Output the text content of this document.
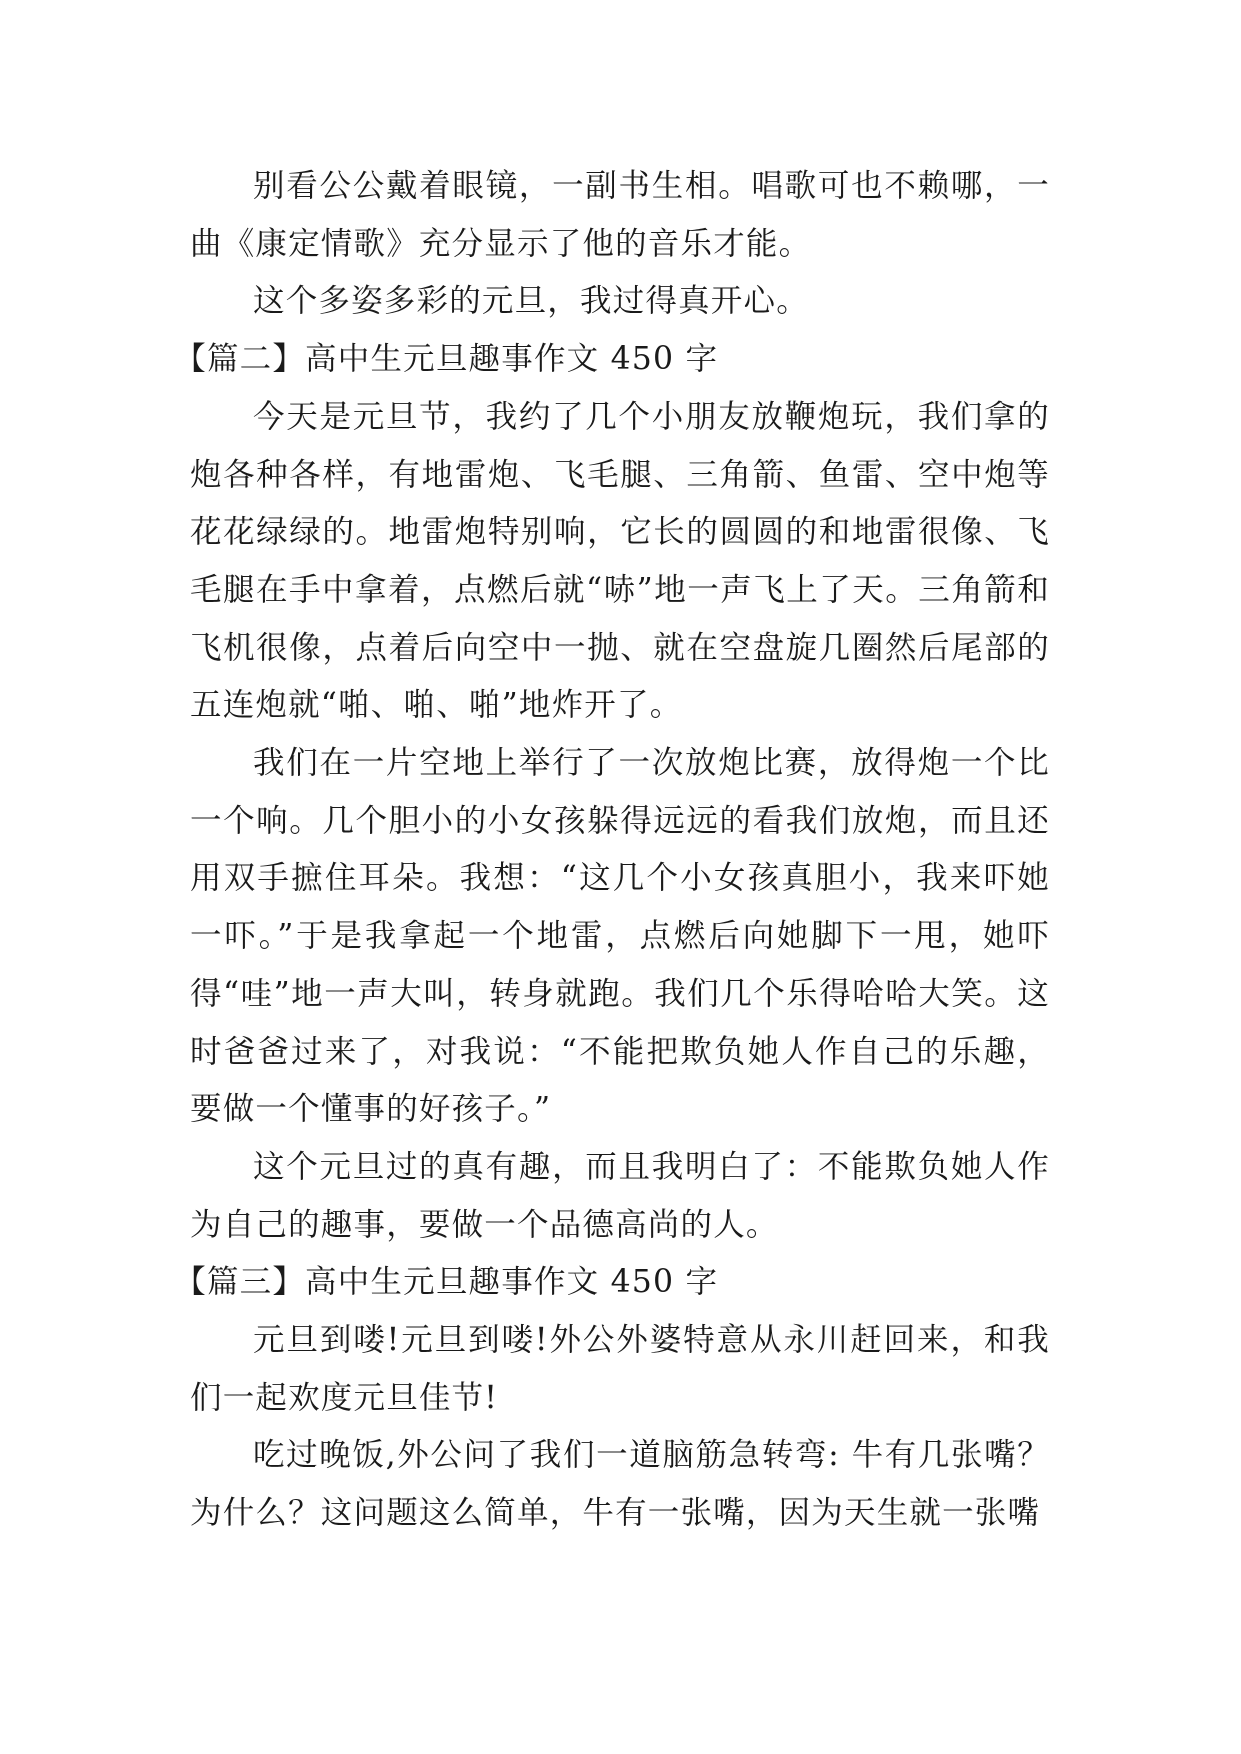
别看公公戴着眼镜，一副书生相。唱歌可也不赖哪，一曲《康定情歌》充分显示了他的音乐才能。

这个多姿多彩的元旦，我过得真开心。

【篇二】高中生元旦趣事作文 450 字

今天是元旦节，我约了几个小朋友放鞭炮玩，我们拿的炮各种各样，有地雷炮、飞毛腿、三角箭、鱼雷、空中炮等花花绿绿的。地雷炮特别响，它长的圆圆的和地雷很像、飞毛腿在手中拿着，点燃后就“哧”地一声飞上了天。三角箭和飞机很像，点着后向空中一抛、就在空盘旋几圈然后尾部的五连炮就“啪、啪、啪”地炸开了。

我们在一片空地上举行了一次放炮比赛，放得炮一个比一个响。几个胆小的小女孩躲得远远的看我们放炮，而且还用双手摭住耳朵。我想：“这几个小女孩真胆小，我来吓她一吓。”于是我拿起一个地雷，点燃后向她脚下一甩，她吓得“哇”地一声大叫，转身就跑。我们几个乐得哈哈大笑。这时爸爸过来了，对我说：“不能把欺负她人作自己的乐趣，要做一个懂事的好孩子。”

这个元旦过的真有趣，而且我明白了：不能欺负她人作为自己的趣事，要做一个品德高尚的人。

【篇三】高中生元旦趣事作文 450 字

元旦到喽!元旦到喽!外公外婆特意从永川赶回来，和我们一起欢度元旦佳节!

吃过晚饭,外公问了我们一道脑筋急转弯: 牛有几张嘴？为什么？这问题这么简单，牛有一张嘴，因为天生就一张嘴
